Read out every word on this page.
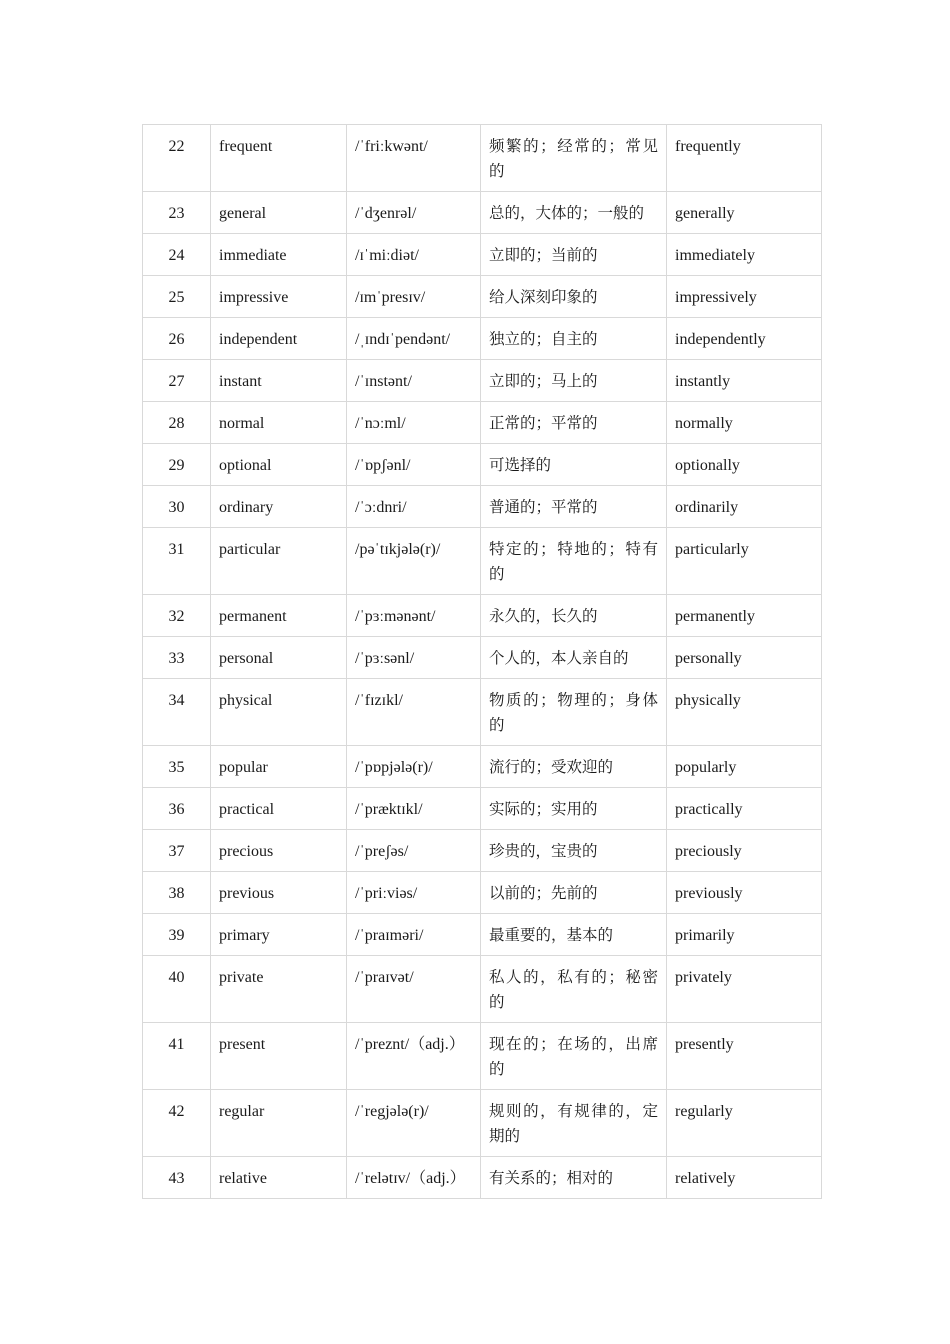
22	frequent	/ˈfriːkwənt/	频繁的；经常的；常见的	frequently
23	general	/ˈdʒenrəl/	总的，大体的；一般的	generally
24	immediate	/ɪˈmiːdiət/	立即的；当前的	immediately
25	impressive	/ɪmˈpresɪv/	给人深刻印象的	impressively
26	independent	/ˌɪndɪˈpendənt/	独立的；自主的	independently
27	instant	/ˈɪnstənt/	立即的；马上的	instantly
28	normal	/ˈnɔːml/	正常的；平常的	normally
29	optional	/ˈɒpʃənl/	可选择的	optionally
30	ordinary	/ˈɔːdnri/	普通的；平常的	ordinarily
31	particular	/pəˈtɪkjələ(r)/	特定的；特地的；特有的	particularly
32	permanent	/ˈpɜːmənənt/	永久的，长久的	permanently
33	personal	/ˈpɜːsənl/	个人的，本人亲自的	personally
34	physical	/ˈfɪzɪkl/	物质的；物理的；身体的	physically
35	popular	/ˈpɒpjələ(r)/	流行的；受欢迎的	popularly
36	practical	/ˈpræktɪkl/	实际的；实用的	practically
37	precious	/ˈpreʃəs/	珍贵的，宝贵的	preciously
38	previous	/ˈpriːviəs/	以前的；先前的	previously
39	primary	/ˈpraɪməri/	最重要的，基本的	primarily
40	private	/ˈpraɪvət/	私人的，私有的；秘密的	privately
41	present	/ˈpreznt/（adj.）	现在的；在场的，出席的	presently
42	regular	/ˈregjələ(r)/	规则的，有规律的，定期的	regularly
43	relative	/ˈrelətɪv/（adj.）	有关系的；相对的	relatively
